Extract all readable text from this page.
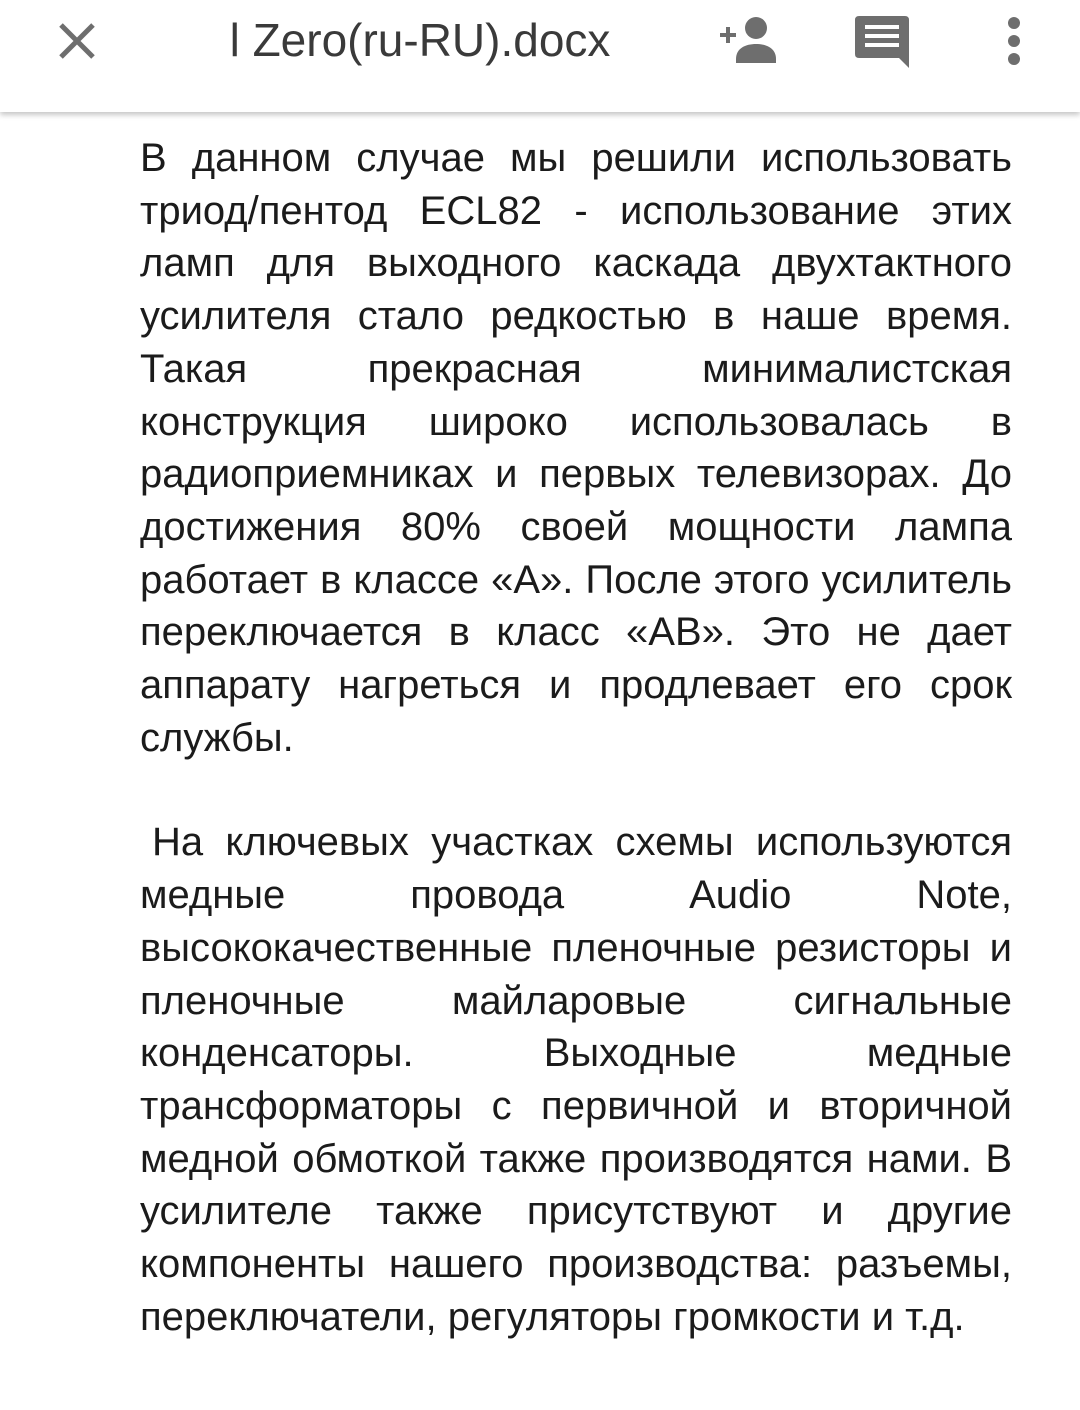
l Zero(ru-RU).docx

В данном случае мы решили использовать триод/пентод ECL82 - использование этих ламп для выходного каскада двухтактного усилителя стало редкостью в наше время. Такая прекрасная минималистская конструкция широко использовалась в радиоприемниках и первых телевизорах. До достижения 80% своей мощности лампа работает в классе «А». После этого усилитель переключается в класс «АВ». Это не дает аппарату нагреться и продлевает его срок службы.

На ключевых участках схемы используются медные провода Audio Note, высококачественные пленочные резисторы и пленочные майларовые сигнальные конденсаторы. Выходные медные трансформаторы с первичной и вторичной медной обмоткой также производятся нами. В усилителе также присутствуют и другие компоненты нашего производства: разъемы, переключатели, регуляторы громкости и т.д.
